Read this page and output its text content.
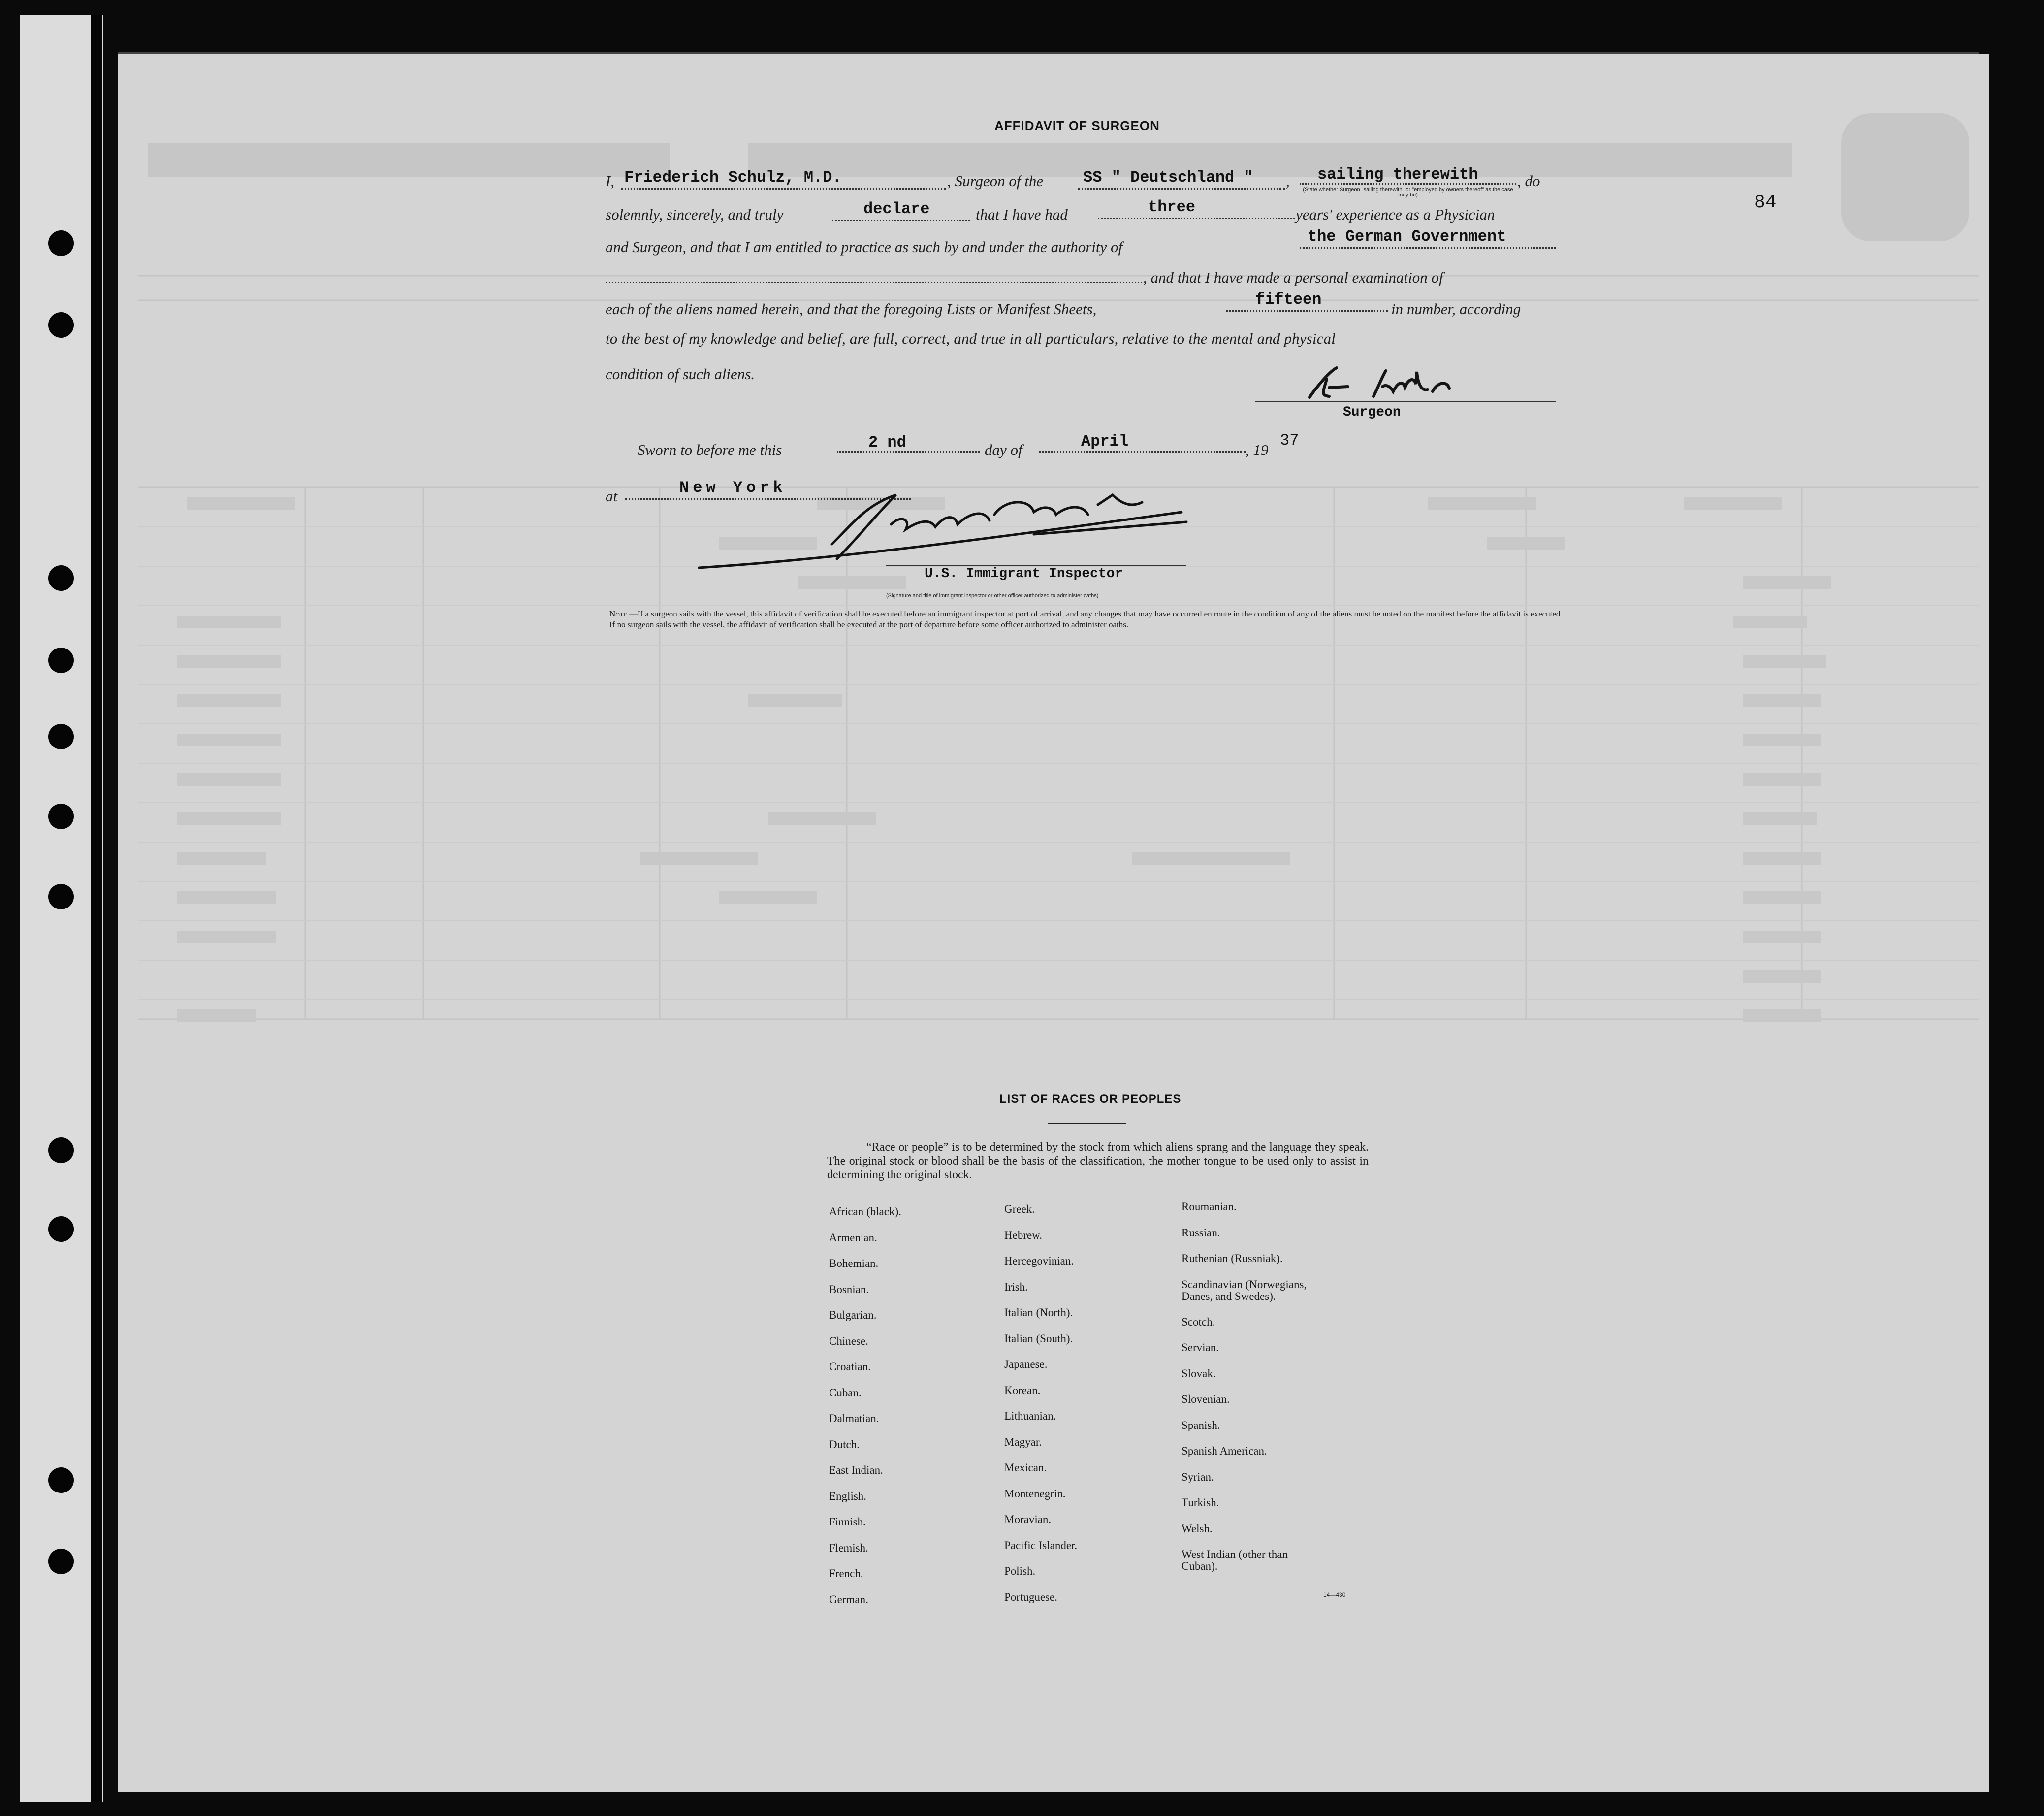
84
AFFIDAVIT OF SURGEON
I, Friederich Schulz, M.D.	, Surgeon of the	SS " Deutschland " , sailing therewith
(State whether Surgeon "sailing therewith" or "employed by owners thereof" as the case may be)
, do
solemnly, sincerely, and truly	declare	that I have had	three	years' experience as a Physician
and Surgeon, and that I am entitled to practice as such by and under the authority of
the German Government
, and that I have made a personal examination of
each of the aliens named herein, and that the foregoing Lists or Manifest Sheets,
fifteen
in number, according
to the best of my knowledge and belief, are full, correct, and true in all particulars, relative to the mental and physical
condition of such aliens.
Surgeon
Sworn to before me this	2 nd	day of	April	, 19
37
at	New York
U.S. Immigrant Inspector
(Signature and title of immigrant inspector or other officer authorized to administer oaths)
Note.—If a surgeon sails with the vessel, this affidavit of verification shall be executed before an immigrant inspector at port of arrival, and any changes that may have occurred en route in the condition of any of the aliens must be noted on the manifest before the affidavit is executed.
If no surgeon sails with the vessel, the affidavit of verification shall be executed at the port of departure before some officer authorized to administer oaths.
LIST OF RACES OR PEOPLES
“Race or people” is to be determined by the stock from which aliens sprang and the language they speak. The original stock or blood shall be the basis of the classification, the mother tongue to be used only to assist in determining the original stock.
African (black).
Armenian.
Bohemian.
Bosnian.
Bulgarian.
Chinese.
Croatian.
Cuban.
Dalmatian.
Dutch.
East Indian.
English.
Finnish.
Flemish.
French.
German.
Greek.
Hebrew.
Hercegovinian.
Irish.
Italian (North).
Italian (South).
Japanese.
Korean.
Lithuanian.
Magyar.
Mexican.
Montenegrin.
Moravian.
Pacific Islander.
Polish.
Portuguese.
Roumanian.
Russian.
Ruthenian (Russniak).
Scandinavian (Norwegians,
Danes, and Swedes).
Scotch.
Servian.
Slovak.
Slovenian.
Spanish.
Spanish American.
Syrian.
Turkish.
Welsh.
West Indian (other than
Cuban).
14—430
